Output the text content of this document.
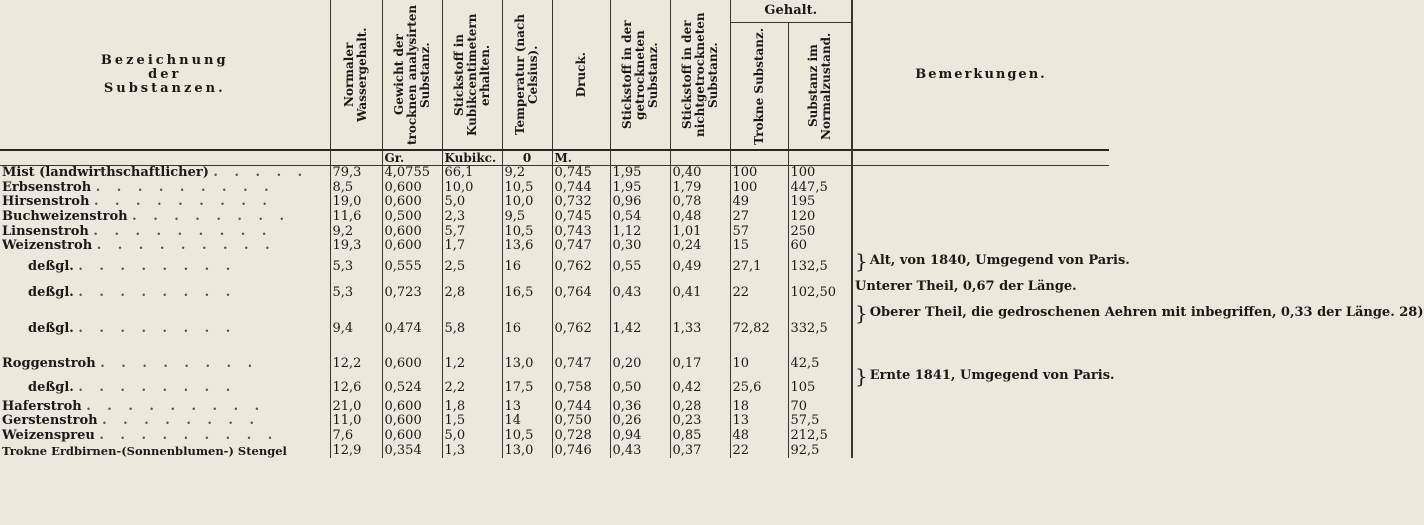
Bezeichnung
der
Substanzen.	Normaler Wassergehalt.	Gewicht der trocknen analysirten Substanz.	Stickstoff in Kubikcentimetern erhalten.	Temperatur (nach Celsius).	Druck.	Stickstoff in der getrockneten Substanz.	Stickstoff in der nichtgetrockneten Substanz.	Gehalt.		Bemerkungen.

								Trokne Substanz.	Substanz im Normalzustand.	

		Gr.	Kubikc.	0	M.					
Mist (landwirthschaftlicher) . . . . .	79,3	4,0755	66,1	9,2	0,745	1,95	0,40	100	100	
Erbsenstroh . . . . . . . . .	8,5	0,600	10,0	10,5	0,744	1,95	1,79	100	447,5	
Hirsenstroh . . . . . . . . .	19,0	0,600	5,0	10,0	0,732	0,96	0,78	49	195	
Buchweizenstroh . . . . . . . .	11,6	0,500	2,3	9,5	0,745	0,54	0,48	27	120	
Linsenstroh . . . . . . . . .	9,2	0,600	5,7	10,5	0,743	1,12	1,01	57	250	
Weizenstroh . . . . . . . . .	19,3	0,600	1,7	13,6	0,747	0,30	0,24	15	60	
deßgl. . . . . . . . .	5,3	0,555	2,5	16	0,762	0,55	0,49	27,1	132,5	} Alt, von 1840, Umgegend von Paris.
deßgl. . . . . . . . .	5,3	0,723	2,8	16,5	0,764	0,43	0,41	22	102,50	Unterer Theil, 0,67 der Länge.
deßgl. . . . . . . . .	9,4	0,474	5,8	16	0,762	1,42	1,33	72,82	332,5	} Oberer Theil, die gedroschenen Aehren mit inbegriffen, 0,33 der Länge. 28)
Roggenstroh . . . . . . . .	12,2	0,600	1,2	13,0	0,747	0,20	0,17	10	42,5	} Ernte 1841, Umgegend von Paris.
deßgl. . . . . . . . .	12,6	0,524	2,2	17,5	0,758	0,50	0,42	25,6	105	
Haferstroh . . . . . . . . .	21,0	0,600	1,8	13	0,744	0,36	0,28	18	70	
Gerstenstroh . . . . . . . .	11,0	0,600	1,5	14	0,750	0,26	0,23	13	57,5	
Weizenspreu . . . . . . . . .	7,6	0,600	5,0	10,5	0,728	0,94	0,85	48	212,5	
Trokne Erdbirnen-(Sonnenblumen-) Stengel	12,9	0,354	1,3	13,0	0,746	0,43	0,37	22	92,5	
